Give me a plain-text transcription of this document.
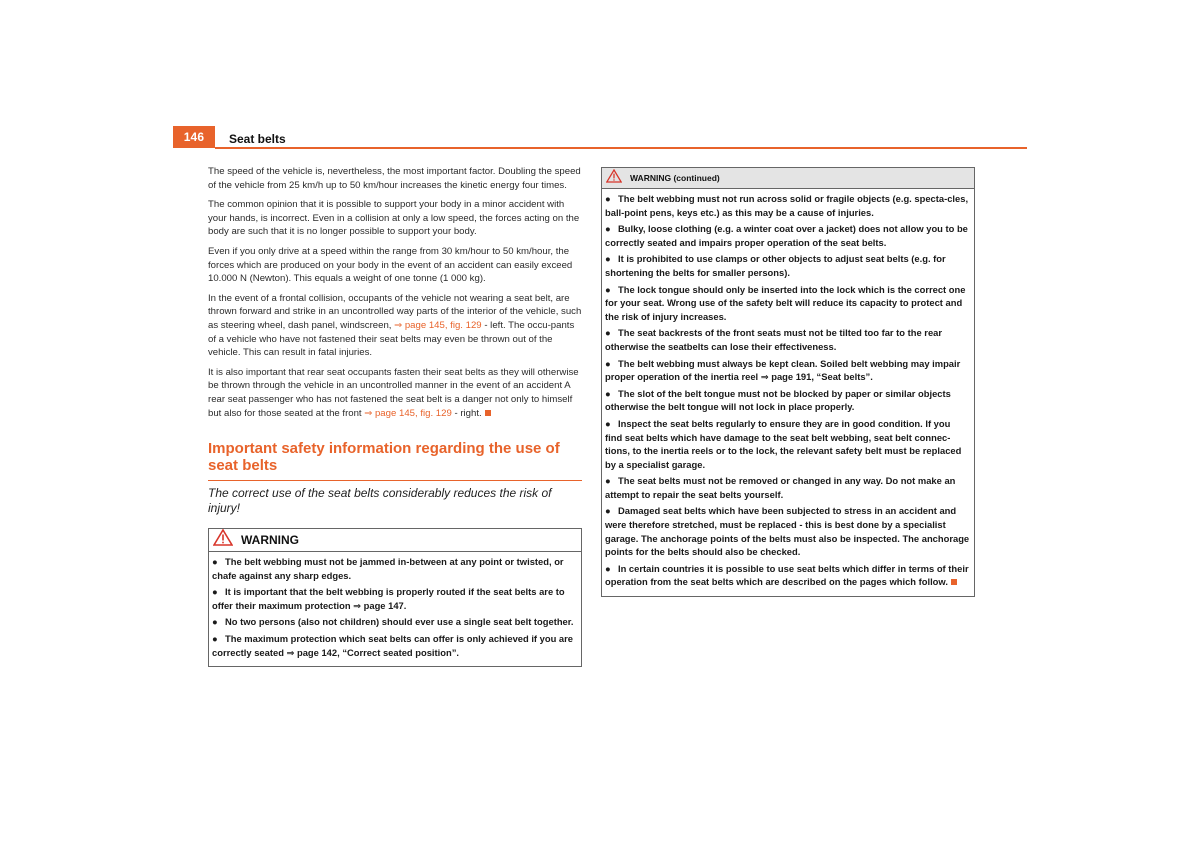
146	Seat belts

The speed of the vehicle is, nevertheless, the most important factor. Doubling the speed of the vehicle from 25 km/h up to 50 km/hour increases the kinetic energy four times.

The common opinion that it is possible to support your body in a minor accident with your hands, is incorrect. Even in a collision at only a low speed, the forces acting on the body are such that it is no longer possible to support your body.

Even if you only drive at a speed within the range from 30 km/hour to 50 km/hour, the forces which are produced on your body in the event of an accident can easily exceed 10.000 N (Newton). This equals a weight of one tonne (1 000 kg).

In the event of a frontal collision, occupants of the vehicle not wearing a seat belt, are thrown forward and strike in an uncontrolled way parts of the interior of the vehicle, such as steering wheel, dash panel, windscreen, ⇒ page 145, fig. 129 - left. The occu-pants of a vehicle who have not fastened their seat belts may even be thrown out of the vehicle. This can result in fatal injuries.

It is also important that rear seat occupants fasten their seat belts as they will otherwise be thrown through the vehicle in an uncontrolled manner in the event of an accident A rear seat passenger who has not fastened the seat belt is a danger not only to himself but also for those seated at the front ⇒ page 145, fig. 129 - right.

Important safety information regarding the use of seat belts
The correct use of the seat belts considerably reduces the risk of injury!
WARNING
● The belt webbing must not be jammed in-between at any point or twisted, or chafe against any sharp edges.
● It is important that the belt webbing is properly routed if the seat belts are to offer their maximum protection ⇒ page 147.
● No two persons (also not children) should ever use a single seat belt together.
● The maximum protection which seat belts can offer is only achieved if you are correctly seated ⇒ page 142, “Correct seated position”.
WARNING (continued)
● The belt webbing must not run across solid or fragile objects (e.g. specta-cles, ball-point pens, keys etc.) as this may be a cause of injuries.
● Bulky, loose clothing (e.g. a winter coat over a jacket) does not allow you to be correctly seated and impairs proper operation of the seat belts.
● It is prohibited to use clamps or other objects to adjust seat belts (e.g. for shortening the belts for smaller persons).
● The lock tongue should only be inserted into the lock which is the correct one for your seat. Wrong use of the safety belt will reduce its capacity to protect and the risk of injury increases.
● The seat backrests of the front seats must not be tilted too far to the rear otherwise the seatbelts can lose their effectiveness.
● The belt webbing must always be kept clean. Soiled belt webbing may impair proper operation of the inertia reel ⇒ page 191, “Seat belts”.
● The slot of the belt tongue must not be blocked by paper or similar objects otherwise the belt tongue will not lock in place properly.
● Inspect the seat belts regularly to ensure they are in good condition. If you find seat belts which have damage to the seat belt webbing, seat belt connec-tions, to the inertia reels or to the lock, the relevant safety belt must be replaced by a specialist garage.
● The seat belts must not be removed or changed in any way. Do not make an attempt to repair the seat belts yourself.
● Damaged seat belts which have been subjected to stress in an accident and were therefore stretched, must be replaced - this is best done by a specialist garage. The anchorage points of the belts must also be inspected. The anchorage points for the belts should also be checked.
● In certain countries it is possible to use seat belts which differ in terms of their operation from the seat belts which are described on the pages which follow.
